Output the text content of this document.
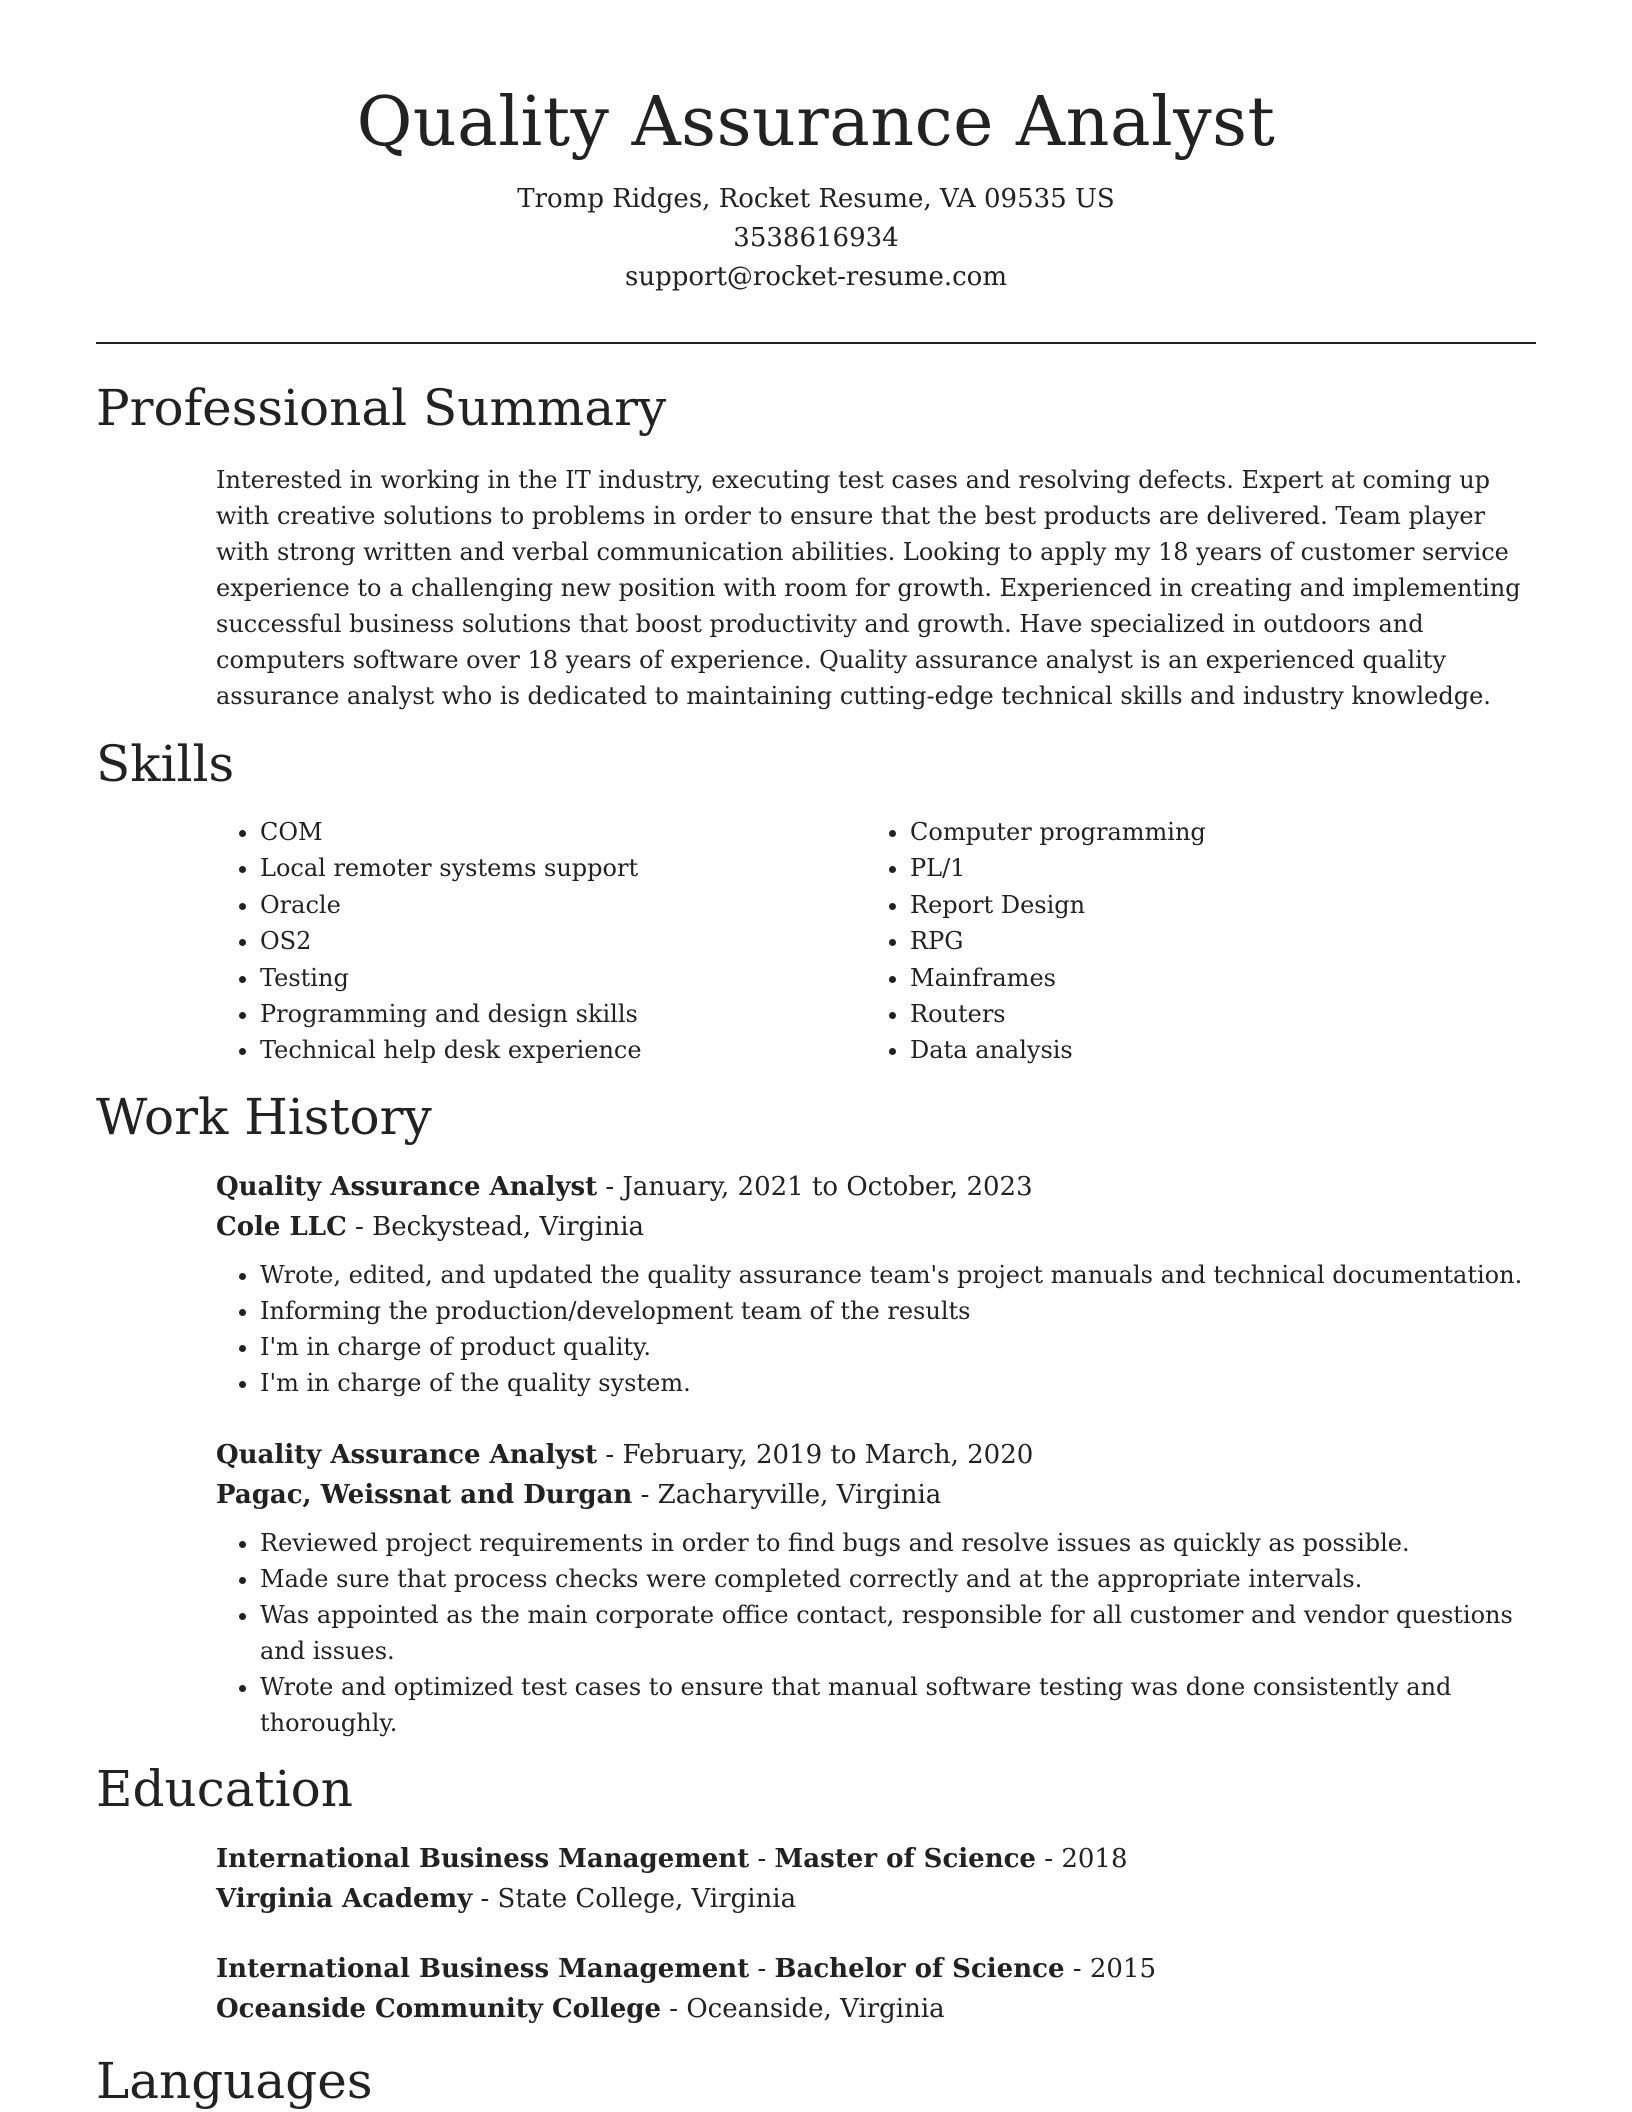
Quality Assurance Analyst
Tromp Ridges, Rocket Resume, VA 09535 US
3538616934
support@rocket-resume.com
Professional Summary

Interested in working in the IT industry, executing test cases and resolving defects. Expert at coming up with creative solutions to problems in order to ensure that the best products are delivered. Team player with strong written and verbal communication abilities. Looking to apply my 18 years of customer service experience to a challenging new position with room for growth. Experienced in creating and implementing successful business solutions that boost productivity and growth. Have specialized in outdoors and computers software over 18 years of experience. Quality assurance analyst is an experienced quality assurance analyst who is dedicated to maintaining cutting-edge technical skills and industry knowledge.

Skills
• COM
• Local remoter systems support
• Oracle
• OS2
• Testing
• Programming and design skills
• Technical help desk experience
• Computer programming
• PL/1
• Report Design
• RPG
• Mainframes
• Routers
• Data analysis
Work History
Quality Assurance Analyst - January, 2021 to October, 2023
Cole LLC - Beckystead, Virginia
• Wrote, edited, and updated the quality assurance team's project manuals and technical documentation.
• Informing the production/development team of the results
• I'm in charge of product quality.
• I'm in charge of the quality system.
Quality Assurance Analyst - February, 2019 to March, 2020
Pagac, Weissnat and Durgan - Zacharyville, Virginia
• Reviewed project requirements in order to find bugs and resolve issues as quickly as possible.
• Made sure that process checks were completed correctly and at the appropriate intervals.
• Was appointed as the main corporate office contact, responsible for all customer and vendor questions and issues.
• Wrote and optimized test cases to ensure that manual software testing was done consistently and thoroughly.
Education
International Business Management - Master of Science - 2018
Virginia Academy - State College, Virginia
International Business Management - Bachelor of Science - 2015
Oceanside Community College - Oceanside, Virginia
Languages
